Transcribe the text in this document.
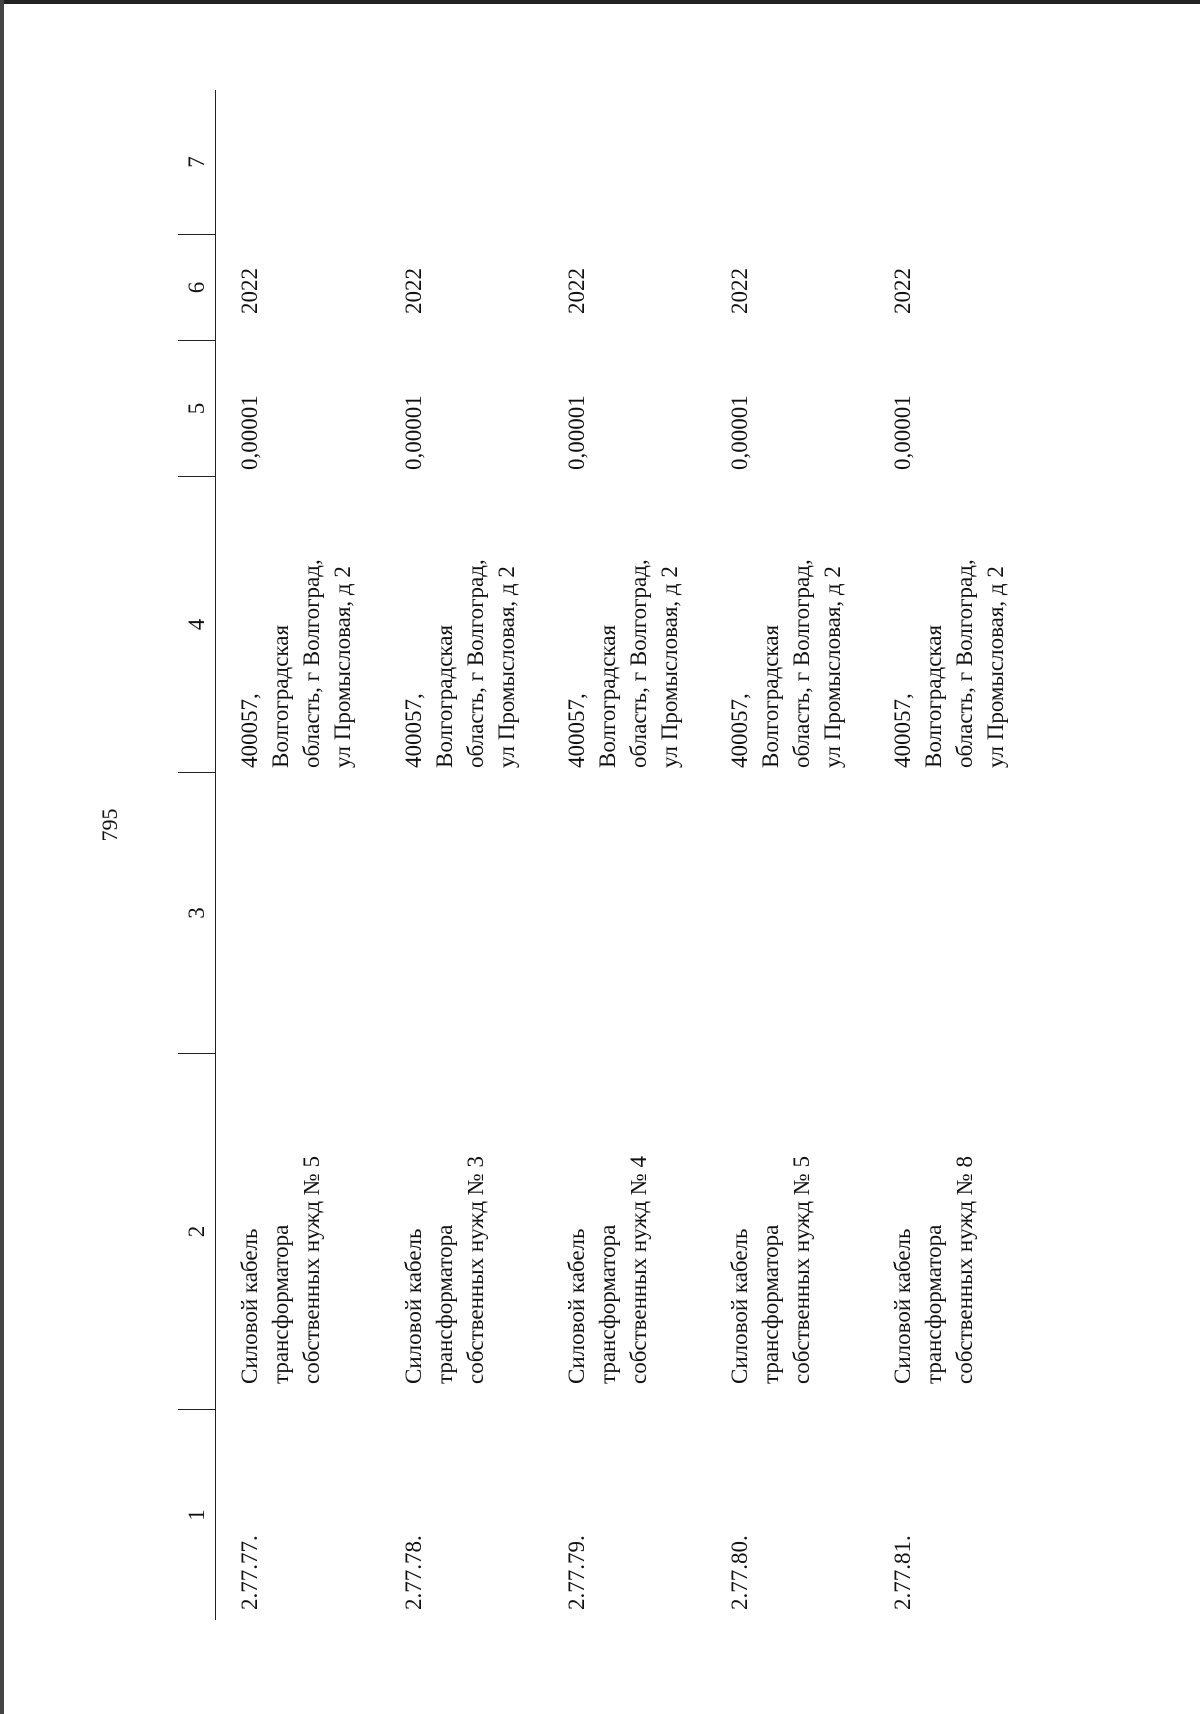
795
1
2
3
4
5
6
7
2.77.77.
Силовой кабель
трансформатора
собственных нужд № 5
400057,
Волгоградская
область, г Волгоград,
ул Промысловая, д 2
0,00001
2022
2.77.78.
Силовой кабель
трансформатора
собственных нужд № 3
400057,
Волгоградская
область, г Волгоград,
ул Промысловая, д 2
0,00001
2022
2.77.79.
Силовой кабель
трансформатора
собственных нужд № 4
400057,
Волгоградская
область, г Волгоград,
ул Промысловая, д 2
0,00001
2022
2.77.80.
Силовой кабель
трансформатора
собственных нужд № 5
400057,
Волгоградская
область, г Волгоград,
ул Промысловая, д 2
0,00001
2022
2.77.81.
Силовой кабель
трансформатора
собственных нужд № 8
400057,
Волгоградская
область, г Волгоград,
ул Промысловая, д 2
0,00001
2022
